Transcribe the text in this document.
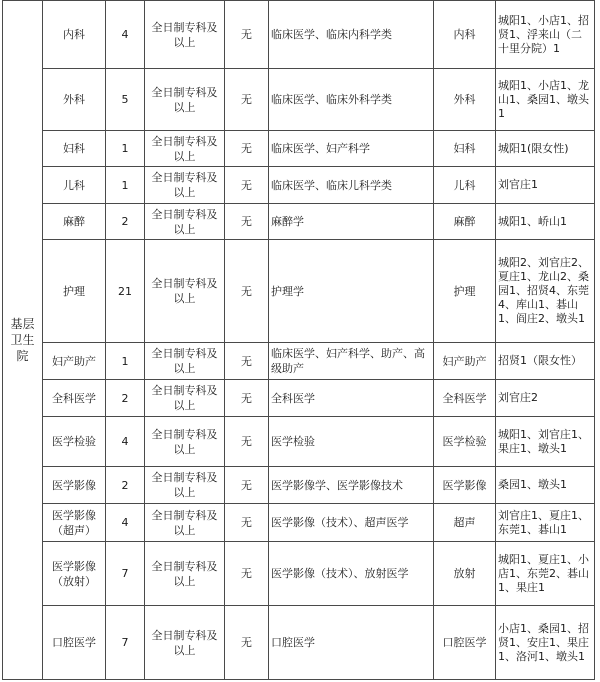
基层卫生院	内科	4	全日制专科及以上	无	临床医学、临床内科学类	内科	城阳1、小店1、招贤1、浮来山（二十里分院）1
	外科	5	全日制专科及以上	无	临床医学、临床外科学类	外科	城阳1、小店1、龙山1、桑园1、墩头1
	妇科	1	全日制专科及以上	无	临床医学、妇产科学	妇科	城阳1(限女性)
	儿科	1	全日制专科及以上	无	临床医学、临床儿科学类	儿科	刘官庄1
	麻醉	2	全日制专科及以上	无	麻醉学	麻醉	城阳1、峤山1
	护理	21	全日制专科及以上	无	护理学	护理	城阳2、刘官庄2、夏庄1、龙山2、桑园1、招贤4、东莞4、库山1、碁山1、阎庄2、墩头1
	妇产助产	1	全日制专科及以上	无	临床医学、妇产科学、助产、高级助产	妇产助产	招贤1（限女性）
	全科医学	2	全日制专科及以上	无	全科医学	全科医学	刘官庄2
	医学检验	4	全日制专科及以上	无	医学检验	医学检验	城阳1、刘官庄1、果庄1、墩头1
	医学影像	2	全日制专科及以上	无	医学影像学、医学影像技术	医学影像	桑园1、墩头1
	医学影像（超声）	4	全日制专科及以上	无	医学影像（技术）、超声医学	超声	刘官庄1、夏庄1、东莞1、碁山1
	医学影像（放射）	7	全日制专科及以上	无	医学影像（技术）、放射医学	放射	城阳1、夏庄1、小店1、东莞2、碁山1、果庄1
	口腔医学	7	全日制专科及以上	无	口腔医学	口腔医学	小店1、桑园1、招贤1、安庄1、果庄1、洛河1、墩头1
